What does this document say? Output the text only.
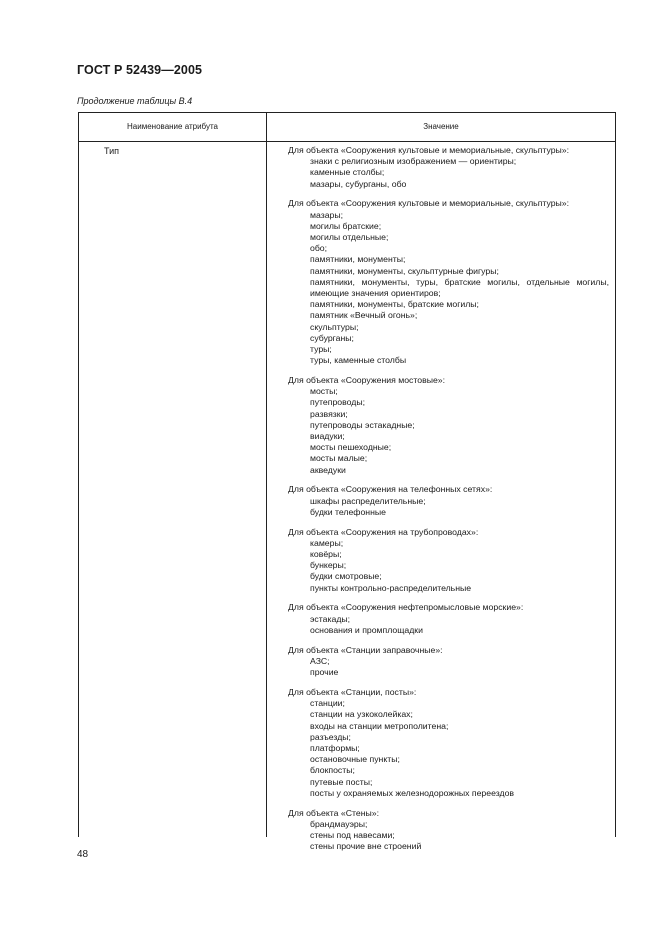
ГОСТ Р 52439—2005
Продолжение таблицы В.4
Наименование атрибута	Значение
Тип	Для объекта «Сооружения культовые и мемориальные, скульптуры»:
знаки с религиозным изображением — ориентиры;
каменные столбы;
мазары, субурганы, обо
Для объекта «Сооружения культовые и мемориальные, скульптуры»:
мазары;
могилы братские;
могилы отдельные;
обо;
памятники, монументы;
памятники, монументы, скульптурные фигуры;
памятники, монументы, туры, братские могилы, отдельные могилы, имеющие значения ориентиров;
памятники, монументы, братские могилы;
памятник «Вечный огонь»;
скульптуры;
субурганы;
туры;
туры, каменные столбы
Для объекта «Сооружения мостовые»:
мосты;
путепроводы;
развязки;
путепроводы эстакадные;
виадуки;
мосты пешеходные;
мосты малые;
акведуки
Для объекта «Сооружения на телефонных сетях»:
шкафы распределительные;
будки телефонные
Для объекта «Сооружения на трубопроводах»:
камеры;
ковёры;
бункеры;
будки смотровые;
пункты контрольно-распределительные
Для объекта «Сооружения нефтепромысловые морские»:
эстакады;
основания и промплощадки
Для объекта «Станции заправочные»:
АЗС;
прочие
Для объекта «Станции, посты»:
станции;
станции на узкоколейках;
входы на станции метрополитена;
разъезды;
платформы;
остановочные пункты;
блокпосты;
путевые посты;
посты у охраняемых железнодорожных переездов
Для объекта «Стены»:
брандмауэры;
стены под навесами;
стены прочие вне строений
48
